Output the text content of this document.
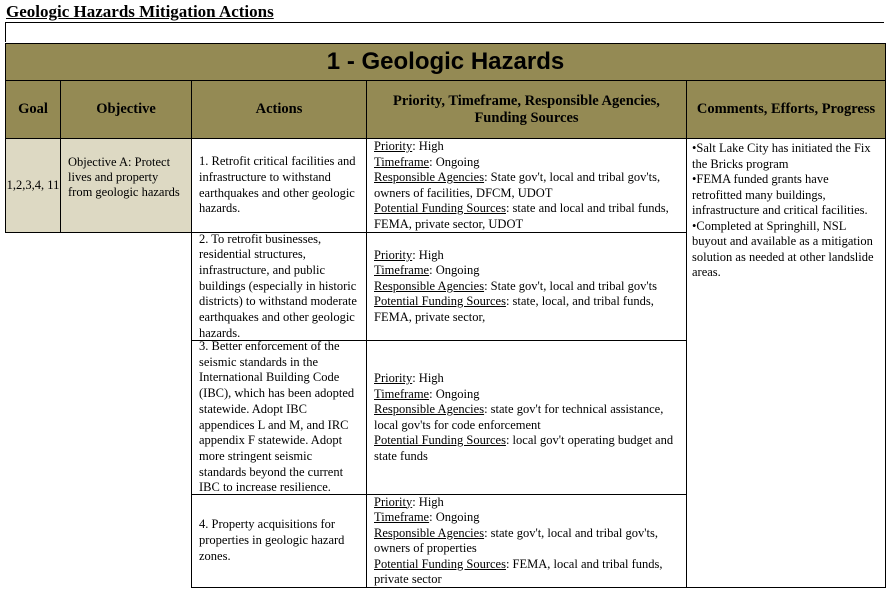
Geologic Hazards Mitigation Actions
1 - Geologic Hazards
Goal	Objective	Actions
Priority, Timeframe, Responsible Agencies, Funding Sources
Comments, Efforts, Progress
1,2,3,4, 11
Objective A: Protect lives and property from geologic hazards
1. Retrofit critical facilities and infrastructure to withstand earthquakes and other geologic hazards.
Priority: High
Timeframe: Ongoing
Responsible Agencies: State gov't, local and tribal gov'ts, owners of facilities, DFCM, UDOT
Potential Funding Sources: state and local and tribal funds, FEMA, private sector, UDOT
2. To retrofit businesses, residential structures, infrastructure, and public buildings (especially in historic districts) to withstand moderate earthquakes and other geologic hazards.
Priority: High
Timeframe: Ongoing
Responsible Agencies: State gov't, local and tribal gov'ts
Potential Funding Sources: state, local, and tribal funds, FEMA, private sector,
3. Better enforcement of the seismic standards in the International Building Code (IBC), which has been adopted statewide. Adopt IBC appendices L and M, and IRC appendix F statewide. Adopt more stringent seismic standards beyond the current IBC to increase resilience.
Priority: High
Timeframe: Ongoing
Responsible Agencies: state gov't for technical assistance, local gov'ts for code enforcement
Potential Funding Sources: local gov't operating budget and state funds
4. Property acquisitions for properties in geologic hazard zones.
Priority: High
Timeframe: Ongoing
Responsible Agencies: state gov't, local and tribal gov'ts, owners of properties
Potential Funding Sources: FEMA, local and tribal funds, private sector

•Salt Lake City has initiated the Fix the Bricks program

•FEMA funded grants have retrofitted many buildings, infrastructure and critical facilities.

•Completed at Springhill, NSL buyout and available as a mitigation solution as needed at other landslide areas.
